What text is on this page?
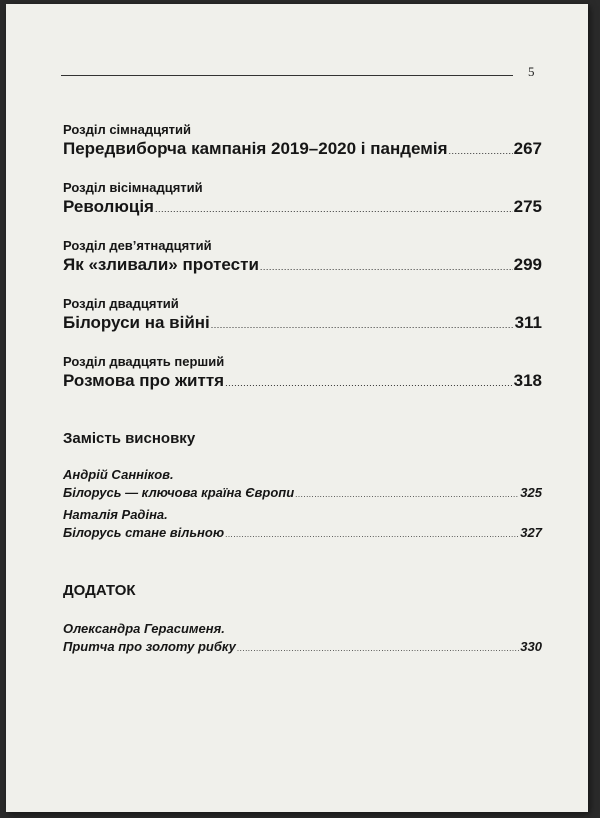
5
Розділ сімнадцятий
Передвиборча кампанія 2019–2020 і пандемія .....	267
Розділ вісімнадцятий
Революція .....	275
Розділ дев’ятнадцятий
Як «зливали» протести .....	299
Розділ двадцятий
Білоруси на війні .....	311
Розділ двадцять перший
Розмова про життя .....	318
Замість висновку
Андрій Санніков.
Білорусь — ключова країна Європи .....	325
Наталія Радіна.
Білорусь стане вільною .....	327
ДОДАТОК
Олександра Герасименя.
Притча про золоту рибку .....	330
